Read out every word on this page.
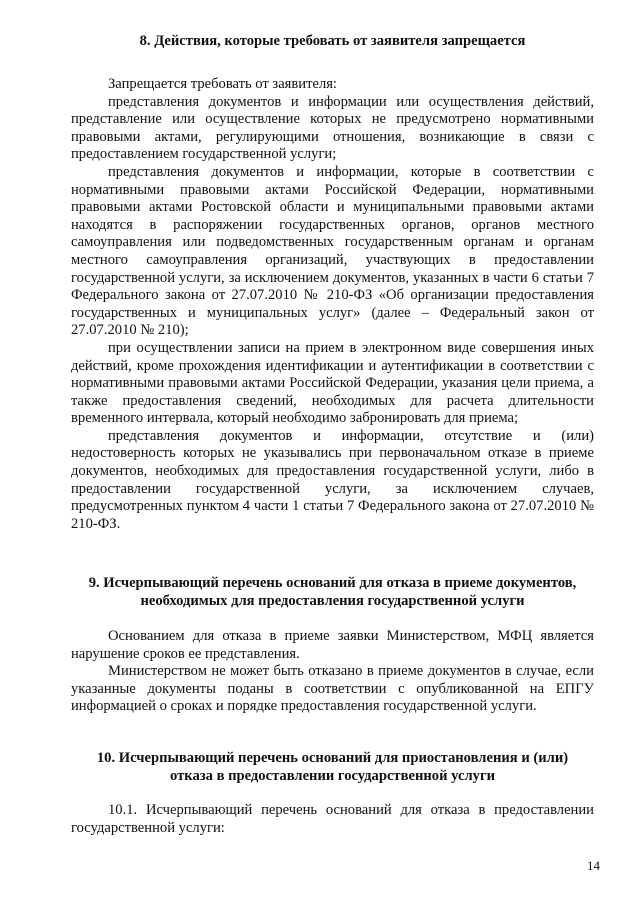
8. Действия, которые требовать от заявителя запрещается

Запрещается требовать от заявителя:

представления документов и информации или осуществления действий, представление или осуществление которых не предусмотрено нормативными правовыми актами, регулирующими отношения, возникающие в связи с предоставлением государственной услуги;

представления документов и информации, которые в соответствии с нормативными правовыми актами Российской Федерации, нормативными правовыми актами Ростовской области и муниципальными правовыми актами находятся в распоряжении государственных органов, органов местного самоуправления или подведомственных государственным органам и органам местного самоуправления организаций, участвующих в предоставлении государственной услуги, за исключением документов, указанных в части 6 статьи 7 Федерального закона от 27.07.2010 № 210-ФЗ «Об организации предоставления государственных и муниципальных услуг» (далее – Федеральный закон от 27.07.2010 № 210);

при осуществлении записи на прием в электронном виде совершения иных действий, кроме прохождения идентификации и аутентификации в соответствии с нормативными правовыми актами Российской Федерации, указания цели приема, а также предоставления сведений, необходимых для расчета длительности временного интервала, который необходимо забронировать для приема;

представления документов и информации, отсутствие и (или) недостоверность которых не указывались при первоначальном отказе в приеме документов, необходимых для предоставления государственной услуги, либо в предоставлении государственной услуги, за исключением случаев, предусмотренных пунктом 4 части 1 статьи 7 Федерального закона от 27.07.2010 № 210-ФЗ.

9. Исчерпывающий перечень оснований для отказа в приеме документов,

необходимых для предоставления государственной услуги

Основанием для отказа в приеме заявки Министерством, МФЦ является нарушение сроков ее представления.

Министерством не может быть отказано в приеме документов в случае, если указанные документы поданы в соответствии с опубликованной на ЕПГУ информацией о сроках и порядке предоставления государственной услуги.

10. Исчерпывающий перечень оснований для приостановления и (или)

отказа в предоставлении государственной услуги

10.1. Исчерпывающий перечень оснований для отказа в предоставлении государственной услуги:

14
